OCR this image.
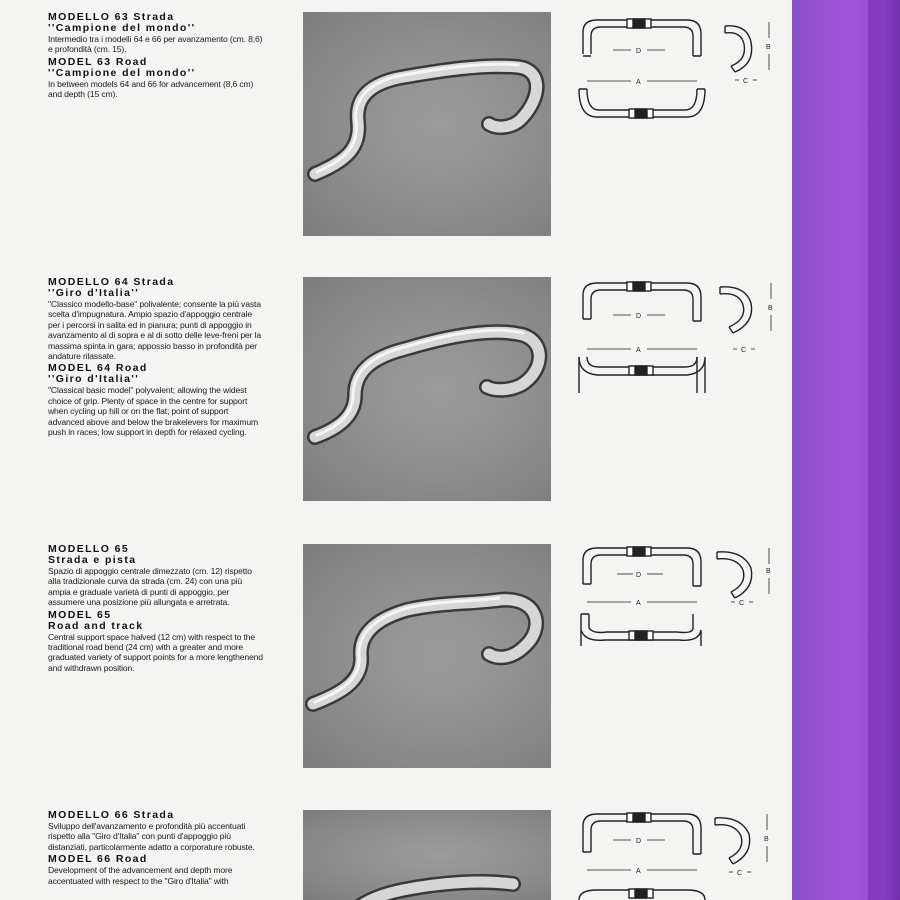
MODELLO 63 Strada
''Campione del mondo''
Intermedio tra i modelli 64 e 66 per avanzamento (cm. 8,6) e profondità (cm. 15).
MODEL 63 Road
''Campione del mondo''
In between models 64 and 66 for advancement (8,6 cm) and depth (15 cm).
D
A
B
C
MODELLO 64 Strada
''Giro d'Italia''
"Classico modello-base" polivalente; consente la più vasta scelta d'impugnatura. Ampio spazio d'appoggio centrale per i percorsi in salita ed in pianura; punti di appoggio in avanzamento al di sopra e al di sotto delle leve-freni per la massima spinta in gara; appossio basso in profondità per andature rilassate.
MODEL 64 Road
''Giro d'Italia''
"Classical basic model" polyvalent; allowing the widest choice of grip. Plenty of space in the centre for support when cycling up hill or on the flat; point of support advanced above and below the brakelevers for maximum push in races; low support in depth for relaxed cycling.
D
A
B
C
MODELLO 65
Strada e pista
Spazio di appoggio centrale dimezzato (cm. 12) rispetto alla tradizionale curva da strada (cm. 24) con una più ampia e graduale varietà di punti di appoggio, per assumere una posizione più allungata e arretrata.
MODEL 65
Road and track
Central support space halved (12 cm) with respect to the traditional road bend (24 cm) with a greater and more graduated variety of support points for a more lengthenend and withdrawn position.
D
A
B
C
MODELLO 66 Strada
Sviluppo dell'avanzamento e profondità più accentuati rispetto alla "Giro d'Italia" con punti d'appoggio più distanziati, particolarmente adatto a corporature robuste.
MODEL 66 Road
Development of the advancement and depth more accentuated with respect to the "Giro d'Italia" with
D
A
B
C
